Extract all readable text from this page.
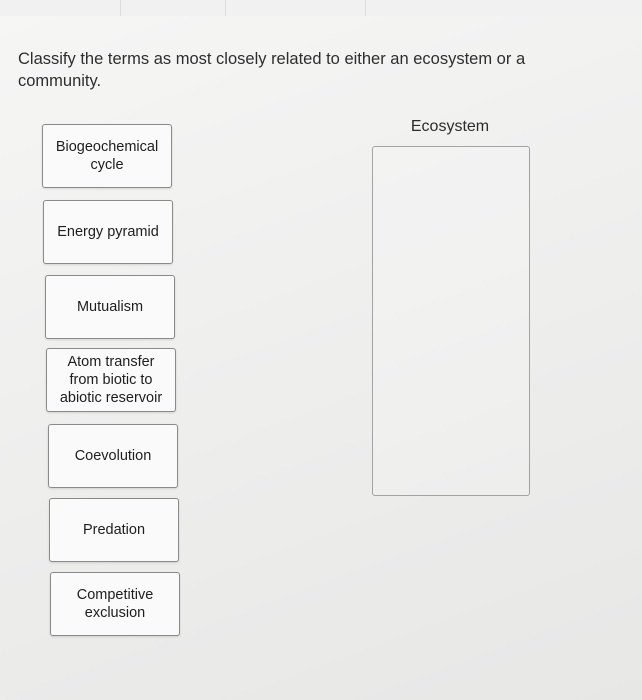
Classify the terms as most closely related to either an ecosystem or a community.

Biogeochemical cycle
Energy pyramid
Mutualism
Atom transfer from biotic to abiotic reservoir
Coevolution
Predation
Competitive exclusion
Ecosystem
